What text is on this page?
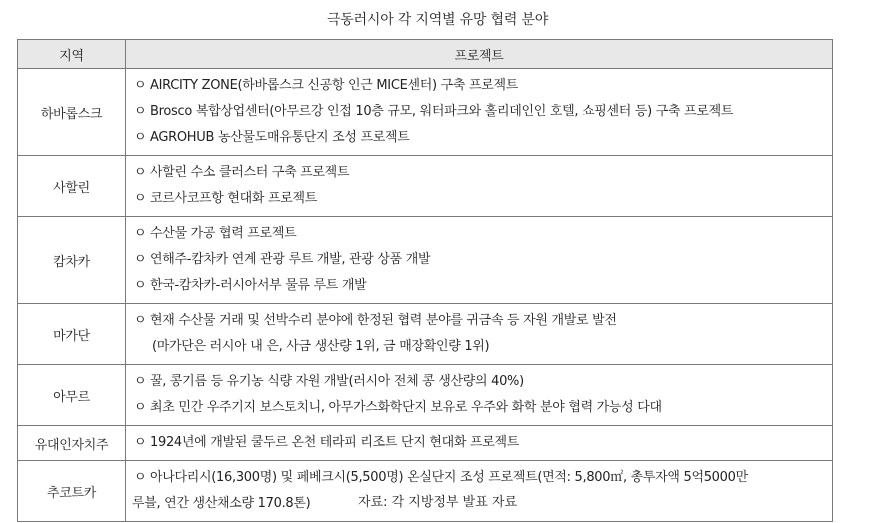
극동러시아 각 지역별 유망 협력 분야
지역	프로젝트
하바롭스크	ㅇ AIRCITY ZONE(하바롭스크 신공항 인근 MICE센터) 구축 프로젝트
ㅇ Brosco 복합상업센터(아무르강 인접 10층 규모, 워터파크와 홀리데인인 호텔, 쇼핑센터 등) 구축 프로젝트
ㅇ AGROHUB 농산물도매유통단지 조성 프로젝트

사할린	ㅇ 사할린 수소 클러스터 구축 프로젝트
ㅇ 코르사코프항 현대화 프로젝트

캄차카	ㅇ 수산물 가공 협력 프로젝트
ㅇ 연해주-캄차카 연계 관광 루트 개발, 관광 상품 개발
ㅇ 한국-캄차카-러시아서부 물류 루트 개발

마가단	ㅇ 현재 수산물 거래 및 선박수리 분야에 한정된 협력 분야를 귀금속 등 자원 개발로 발전
(마가단은 러시아 내 은, 사금 생산량 1위, 금 매장확인량 1위)

아무르	ㅇ 꿀, 콩기름 등 유기농 식량 자원 개발(러시아 전체 콩 생산량의 40%)
ㅇ 최초 민간 우주기지 보스토치니, 아무가스화학단지 보유로 우주와 화학 분야 협력 가능성 다대

유대인자치주	ㅇ 1924년에 개발된 쿨두르 온천 테라피 리조트 단지 현대화 프로젝트

추코트카	ㅇ 아나다리시(16,300명) 및 페베크시(5,500명) 온실단지 조성 프로젝트(면적: 5,800㎡, 총투자액 5억5000만
루블, 연간 생산채소량 170.8톤)	자료: 각 지방정부 발표 자료
